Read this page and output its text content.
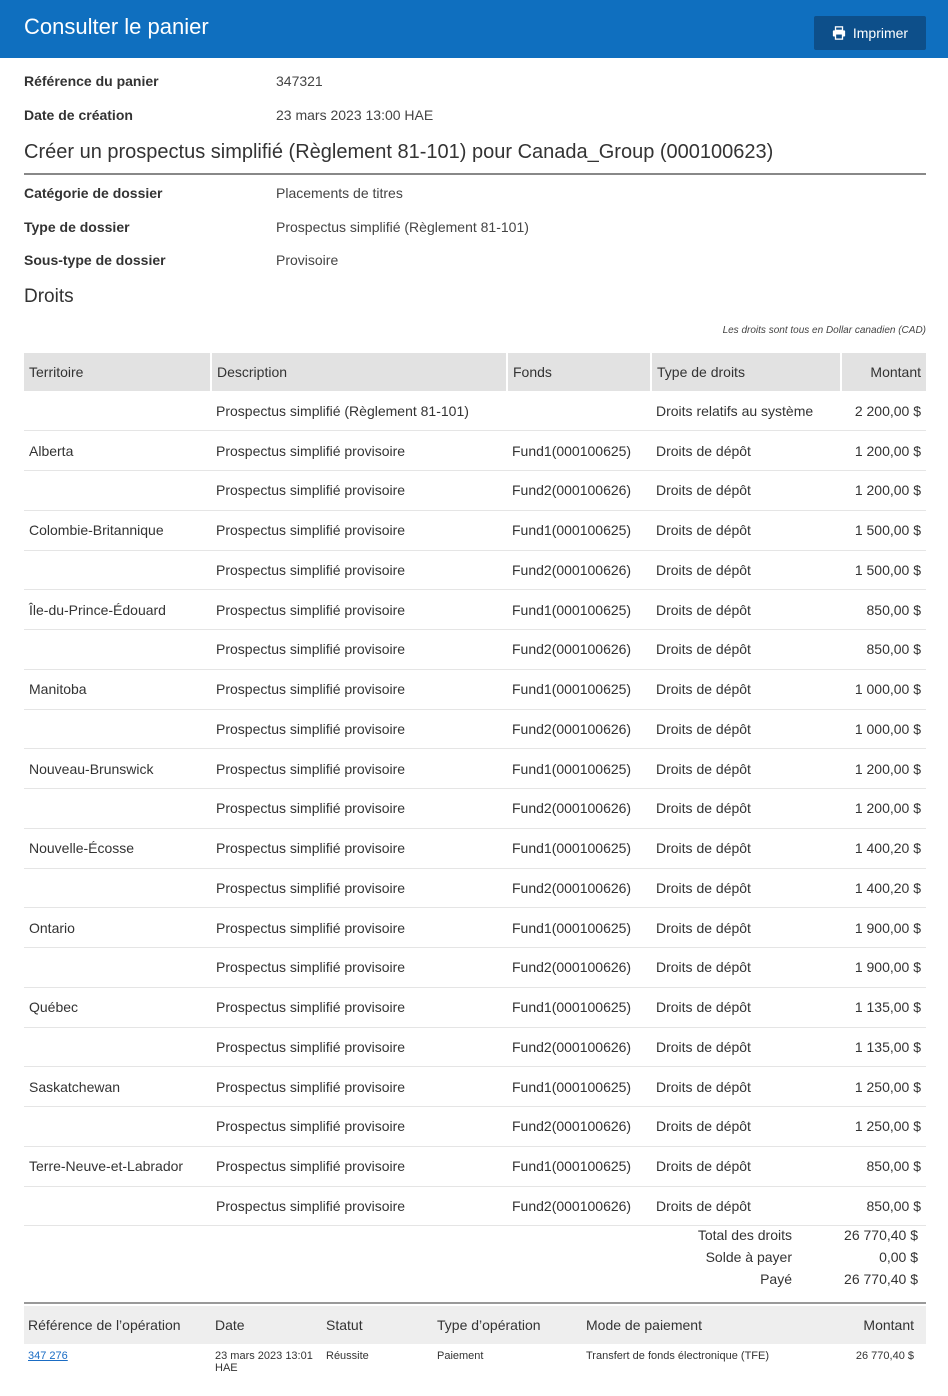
Consulter le panier	Imprimer
Référence du panier	347321
Date de création	23 mars 2023 13:00 HAE
Créer un prospectus simplifié (Règlement 81-101) pour Canada_Group (000100623)
Catégorie de dossier	Placements de titres
Type de dossier	Prospectus simplifié (Règlement 81-101)
Sous-type de dossier	Provisoire
Droits
Les droits sont tous en Dollar canadien (CAD)
Territoire	Description	Fonds	Type de droits	Montant
	Prospectus simplifié (Règlement 81-101)		Droits relatifs au système	2 200,00 $
Alberta	Prospectus simplifié provisoire	Fund1(000100625)	Droits de dépôt	1 200,00 $
	Prospectus simplifié provisoire	Fund2(000100626)	Droits de dépôt	1 200,00 $
Colombie-Britannique	Prospectus simplifié provisoire	Fund1(000100625)	Droits de dépôt	1 500,00 $
	Prospectus simplifié provisoire	Fund2(000100626)	Droits de dépôt	1 500,00 $
Île-du-Prince-Édouard	Prospectus simplifié provisoire	Fund1(000100625)	Droits de dépôt	850,00 $
	Prospectus simplifié provisoire	Fund2(000100626)	Droits de dépôt	850,00 $
Manitoba	Prospectus simplifié provisoire	Fund1(000100625)	Droits de dépôt	1 000,00 $
	Prospectus simplifié provisoire	Fund2(000100626)	Droits de dépôt	1 000,00 $
Nouveau-Brunswick	Prospectus simplifié provisoire	Fund1(000100625)	Droits de dépôt	1 200,00 $
	Prospectus simplifié provisoire	Fund2(000100626)	Droits de dépôt	1 200,00 $
Nouvelle-Écosse	Prospectus simplifié provisoire	Fund1(000100625)	Droits de dépôt	1 400,20 $
	Prospectus simplifié provisoire	Fund2(000100626)	Droits de dépôt	1 400,20 $
Ontario	Prospectus simplifié provisoire	Fund1(000100625)	Droits de dépôt	1 900,00 $
	Prospectus simplifié provisoire	Fund2(000100626)	Droits de dépôt	1 900,00 $
Québec	Prospectus simplifié provisoire	Fund1(000100625)	Droits de dépôt	1 135,00 $
	Prospectus simplifié provisoire	Fund2(000100626)	Droits de dépôt	1 135,00 $
Saskatchewan	Prospectus simplifié provisoire	Fund1(000100625)	Droits de dépôt	1 250,00 $
	Prospectus simplifié provisoire	Fund2(000100626)	Droits de dépôt	1 250,00 $
Terre-Neuve-et-Labrador	Prospectus simplifié provisoire	Fund1(000100625)	Droits de dépôt	850,00 $
	Prospectus simplifié provisoire	Fund2(000100626)	Droits de dépôt	850,00 $
Total des droits	26 770,40 $
Solde à payer	0,00 $
Payé	26 770,40 $
Référence de l’opération	Date	Statut	Type d’opération	Mode de paiement	Montant
347 276	23 mars 2023 13:01 HAE	Réussite	Paiement	Transfert de fonds électronique (TFE)	26 770,40 $
